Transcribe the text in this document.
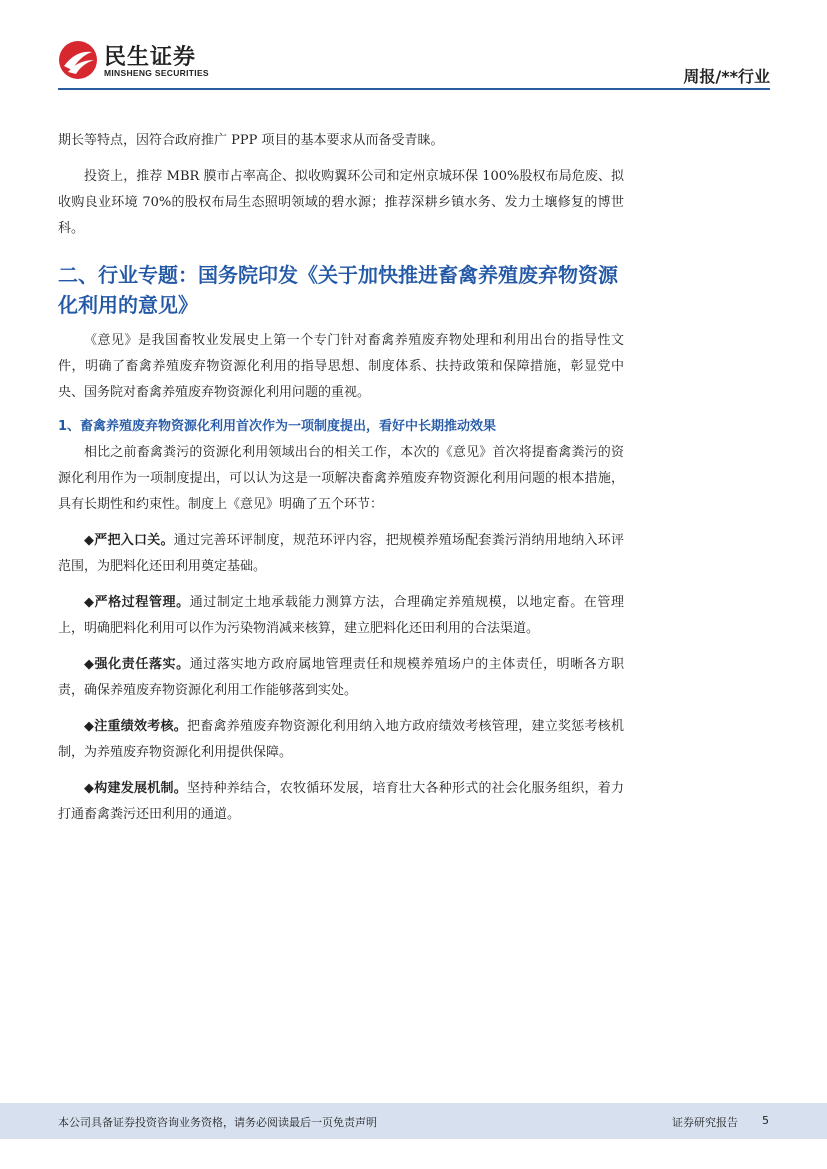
民生证券
MINSHENG SECURITIES	周报/**行业

期长等特点，因符合政府推广 PPP 项目的基本要求从而备受青睐。

投资上，推荐 MBR 膜市占率高企、拟收购翼环公司和定州京城环保 100%股权布局危废、拟收购良业环境 70%的股权布局生态照明领域的碧水源；推荐深耕乡镇水务、发力土壤修复的博世科。

二、行业专题：国务院印发《关于加快推进畜禽养殖废弃物资源化利用的意见》

《意见》是我国畜牧业发展史上第一个专门针对畜禽养殖废弃物处理和利用出台的指导性文件，明确了畜禽养殖废弃物资源化利用的指导思想、制度体系、扶持政策和保障措施，彰显党中央、国务院对畜禽养殖废弃物资源化利用问题的重视。

1、畜禽养殖废弃物资源化利用首次作为一项制度提出，看好中长期推动效果

相比之前畜禽粪污的资源化利用领域出台的相关工作，本次的《意见》首次将提畜禽粪污的资源化利用作为一项制度提出，可以认为这是一项解决畜禽养殖废弃物资源化利用问题的根本措施，具有长期性和约束性。制度上《意见》明确了五个环节：

◆严把入口关。通过完善环评制度，规范环评内容，把规模养殖场配套粪污消纳用地纳入环评范围，为肥料化还田利用奠定基础。

◆严格过程管理。通过制定土地承载能力测算方法，合理确定养殖规模，以地定畜。在管理上，明确肥料化利用可以作为污染物消减来核算，建立肥料化还田利用的合法渠道。

◆强化责任落实。通过落实地方政府属地管理责任和规模养殖场户的主体责任，明晰各方职责，确保养殖废弃物资源化利用工作能够落到实处。

◆注重绩效考核。把畜禽养殖废弃物资源化利用纳入地方政府绩效考核管理，建立奖惩考核机制，为养殖废弃物资源化利用提供保障。

◆构建发展机制。坚持种养结合，农牧循环发展，培育壮大各种形式的社会化服务组织，着力打通畜禽粪污还田利用的通道。

本公司具备证券投资咨询业务资格，请务必阅读最后一页免责声明	证券研究报告 5
